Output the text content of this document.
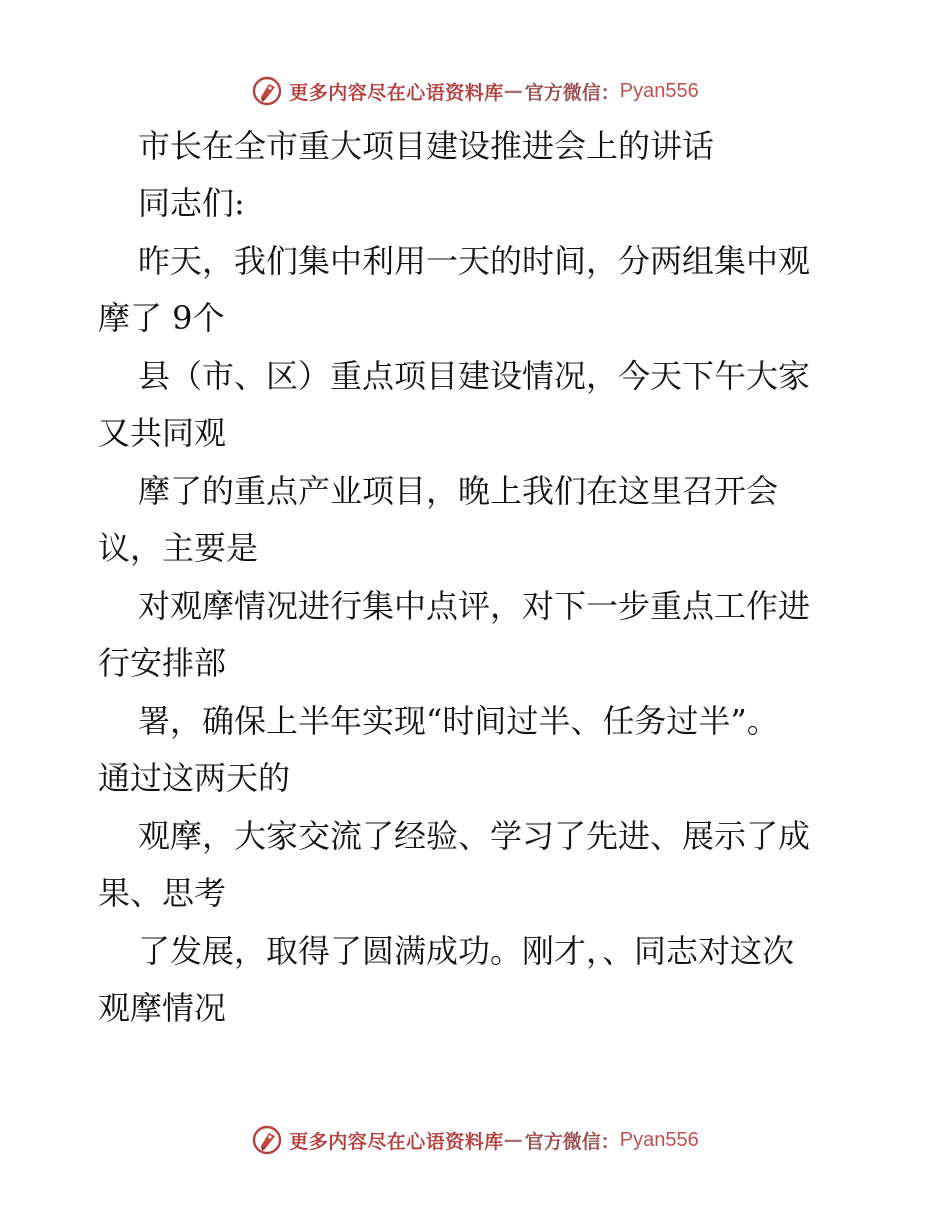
更多内容尽在心语资料库 — 官方微信： Pyan556
市长在全市重大项目建设推进会上的讲话
同志们:
昨天，我们集中利用一天的时间，分两组集中观
摩了 9个
县（市、区）重点项目建设情况，今天下午大家
又共同观
摩了的重点产业项目，晚上我们在这里召开会
议，主要是
对观摩情况进行集中点评，对下一步重点工作进
行安排部
署，确保上半年实现“时间过半、任务过半”。
通过这两天的
观摩，大家交流了经验、学习了先进、展示了成
果、思考
了发展，取得了圆满成功。刚才，、同志对这次
观摩情况
更多内容尽在心语资料库 — 官方微信： Pyan556
